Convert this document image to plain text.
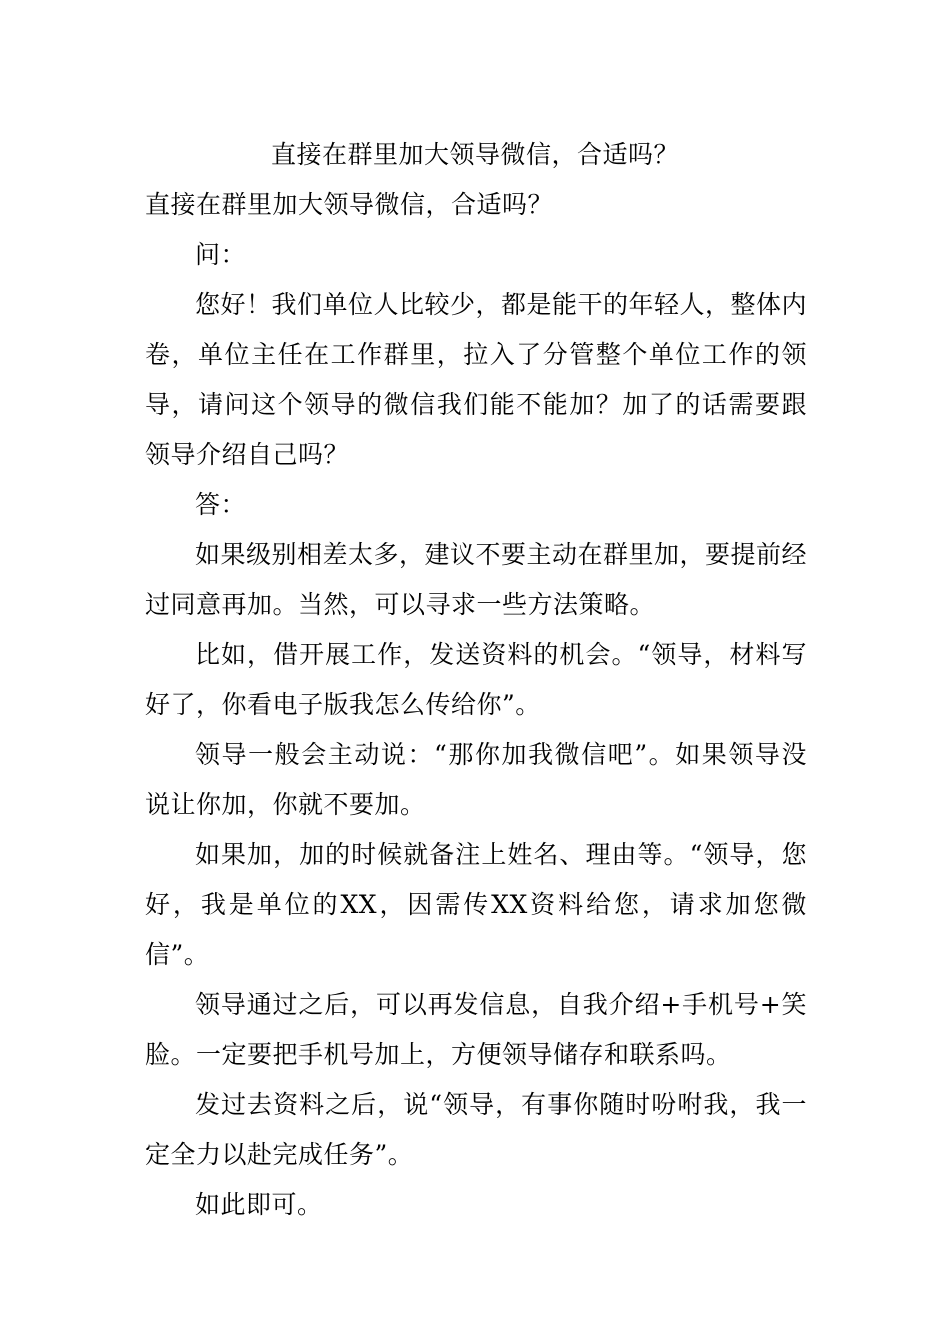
直接在群里加大领导微信，合适吗？

直接在群里加大领导微信，合适吗？

问：

您好！我们单位人比较少，都是能干的年轻人，整体内卷，单位主任在工作群里，拉入了分管整个单位工作的领导，请问这个领导的微信我们能不能加？加了的话需要跟领导介绍自己吗？

答：

如果级别相差太多，建议不要主动在群里加，要提前经过同意再加。当然，可以寻求一些方法策略。

比如，借开展工作，发送资料的机会。“领导，材料写好了，你看电子版我怎么传给你”。

领导一般会主动说：“那你加我微信吧”。如果领导没说让你加，你就不要加。

如果加，加的时候就备注上姓名、理由等。“领导，您好，我是单位的XX，因需传XX资料给您，请求加您微信”。

领导通过之后，可以再发信息，自我介绍+手机号+笑脸。一定要把手机号加上，方便领导储存和联系吗。

发过去资料之后，说“领导，有事你随时吩咐我，我一定全力以赴完成任务”。

如此即可。
